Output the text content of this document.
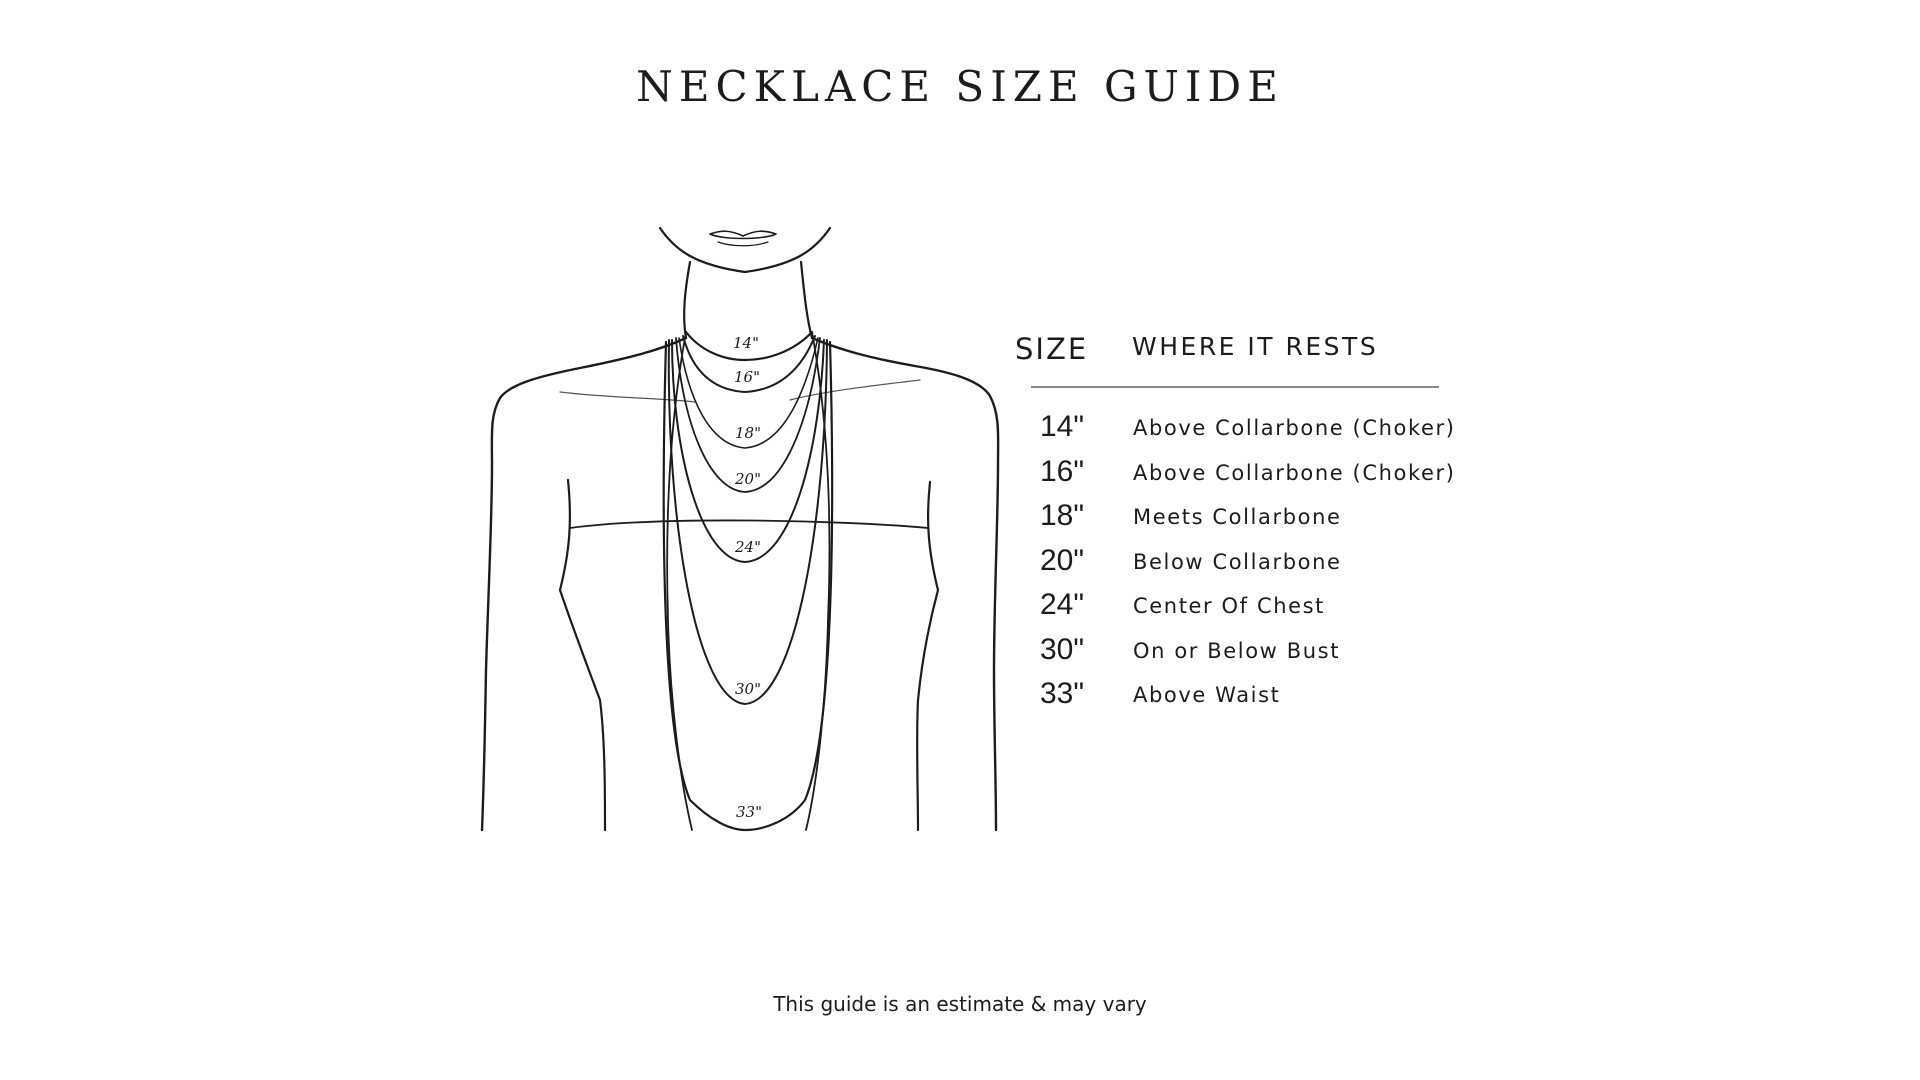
NECKLACE SIZE GUIDE
14"
16"
18"
20"
24"
30"
33"
SIZE WHERE IT RESTS
14"	Above Collarbone (Choker)
16"	Above Collarbone (Choker)
18"	Meets Collarbone
20"	Below Collarbone
24"	Center Of Chest
30"	On or Below Bust
33"	Above Waist
This guide is an estimate & may vary
